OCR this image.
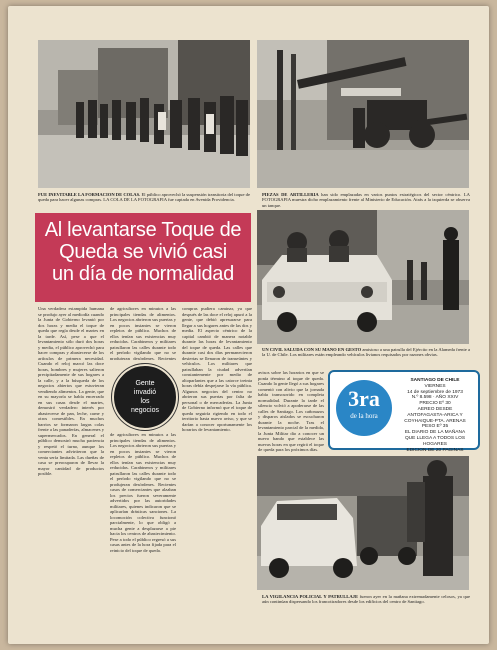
FUE INEVITABLE LA FORMACION DE COLAS. El público aprovechó la suspensión transitoria del toque de queda para hacer algunas compras. LA COLA DE LA FOTOGRAFIA fue captada en Avenida Providencia.
PIEZAS DE ARTILLERIA han sido emplazadas en varios puntos estratégicos del sector céntrico. LA FOTOGRAFIA muestra dicho emplazamiento frente al Ministerio de Educación. Atrás a la izquierda se observa un tanque.
Al levantarse Toque de
Queda se vivió casi
un día de normalidad
Una verdadera estampida humana se produjo ayer al mediodía cuando la Junta de Gobierno levantó por dos horas y media el toque de queda que regía desde el martes en la tarde. Así, pese a que el levantamiento sólo duró dos horas y media, el público aprovechó para hacer compras y abastecerse de los artículos de primera necesidad. Cuando el reloj marcó las doce horas, hombres y mujeres salieron precipitadamente de sus hogares a la calle, y a la búsqueda de los negocios abiertos que estuvieran vendiendo alimentos. La gente, que en su mayoría se había encerrado en sus casas desde el martes, demostró verdadero interés por abastecerse de pan, leche, carne y otros comestibles. En muchos barrios se formaron largas colas frente a las panaderías, almacenes y supermercados. En general el público demostró mucha paciencia y respetó el turno, aunque los comerciantes advirtieron que la venta sería limitada. Las dueñas de casa se preocuparon de llevar la mayor cantidad de productos posible.
de agricultores en minutos a las principales tiendas de alimentos. Los negocios abrieron sus puertas y en pocos instantes se vieron repletos de público. Muchos de ellos tenían sus existencias muy reducidas. Carabineros y militares patrullaron las calles durante todo el período vigilando que no se produjeran desórdenes. Recientes
de agricultores en minutos a las principales tiendas de alimentos. Los negocios abrieron sus puertas y en pocos instantes se vieron repletos de público. Muchos de ellos tenían sus existencias muy reducidas. Carabineros y militares patrullaron las calles durante todo el período vigilando que no se produjeran desórdenes. Recientes casos de comerciantes que alzaban los precios fueron severamente advertidos por las autoridades militares, quienes indicaron que se aplicarían drásticas sanciones. La locomoción colectiva funcionó parcialmente, lo que obligó a mucha gente a desplazarse a pie hacia los centros de abastecimiento. Pese a todo el público regresó a sus casas antes de la hora fijada para el reinicio del toque de queda.
compras pudiera caminar, ya que después de las doce el reloj apuró a la gente, que debió apresurarse para llegar a sus hogares antes de las dos y media. El aspecto céntrico de la capital cambió de manera notable durante las horas de levantamiento del toque de queda. Las calles que durante casi dos días permanecieron desiertas se llenaron de transeúntes y vehículos. Los militares que patrullaban la ciudad advertían constantemente por medio de altoparlantes que a las catorce treinta horas debía despejarse la vía pública. Algunos negocios del centro no abrieron sus puertas por falta de personal o de mercaderías. La Junta de Gobierno informó que el toque de queda seguiría rigiendo en todo el territorio hasta nuevo aviso, y que se darían a conocer oportunamente los horarios de levantamiento.
Gente
invadió
los
negocios
UN CIVIL SALUDA CON SU MANO EN GESTO amistoso a una patrulla del Ejército en la Alameda frente a la U. de Chile. Los militares están empleando vehículos livianos requisados por razones obvias.
avisos sobre las horarios en que se ponía término al toque de queda. Cuando la gente llegó a sus hogares comentó con alivio que la jornada había transcurrido en completa normalidad. Durante la tarde el silencio volvió a apoderarse de las calles de Santiago. Los cañonazos y disparos aislados se escucharon durante la noche. Tras el levantamiento parcial de la medida, la Junta Militar dio a conocer un nuevo bando que establece las nuevas horas en que regirá el toque de queda para los próximos días.
3ra
de la hora
SANTIAGO DE CHILE
VIERNES
14 de septiembre de 1973
N.º 8.598 · AÑO XXIV
PRECIO Eº 30
AEREO DESDE
ANTOFAGASTA-ARICA Y
COYHAIQUE-PTA. ARENAS
PESO Eº 35
EL DIARIO DE LA MAÑANA
QUE LLEGA A TODOS LOS
HOGARES
EDICION DE 20 PAGINAS
LA VIGILANCIA POLICIAL Y PATRULLAJE fueron ayer en la mañana extremadamente celosos, ya que aún continúan dispersando los francotiradores desde los edificios del centro de Santiago.
